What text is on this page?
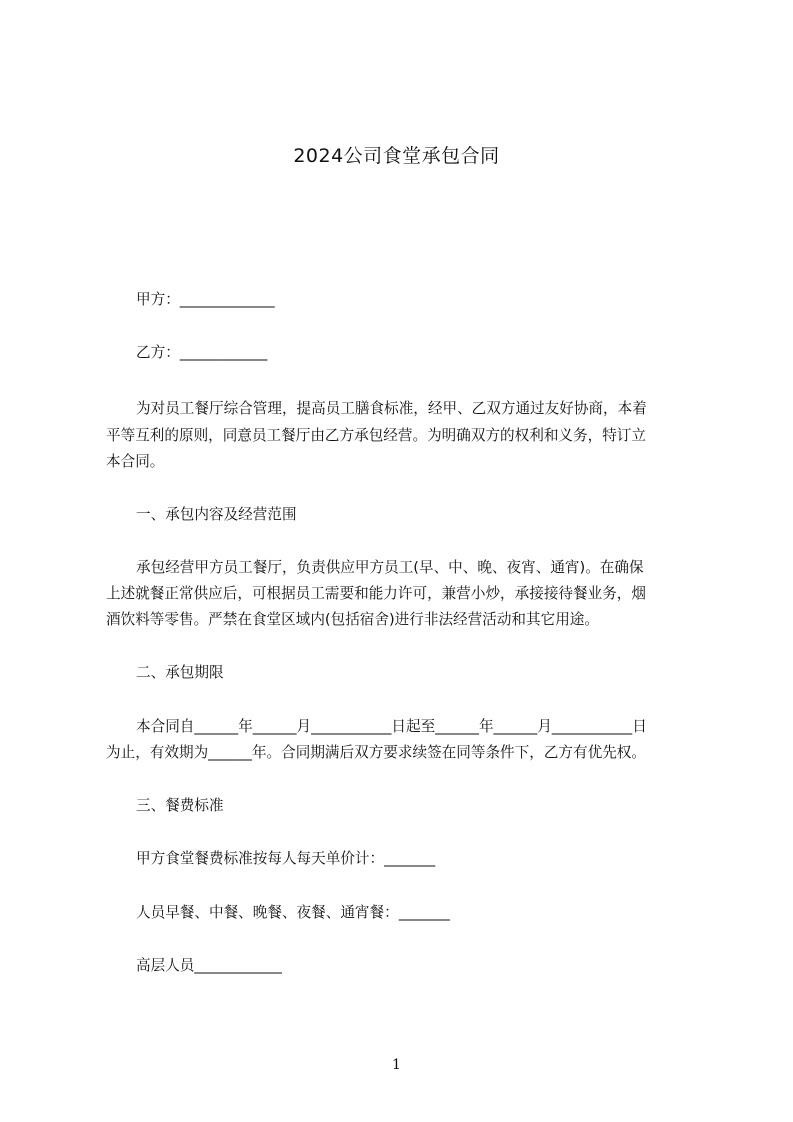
2024公司食堂承包合同
甲方：_____________
乙方：____________
为对员工餐厅综合管理，提高员工膳食标准，经甲、乙双方通过友好协商，本着
平等互利的原则，同意员工餐厅由乙方承包经营。为明确双方的权利和义务，特订立
本合同。
一、承包内容及经营范围
承包经营甲方员工餐厅，负责供应甲方员工(早、中、晚、夜宵、通宵)。在确保
上述就餐正常供应后，可根据员工需要和能力许可，兼营小炒，承接接待餐业务，烟
酒饮料等零售。严禁在食堂区域内(包括宿舍)进行非法经营活动和其它用途。
二、承包期限
本合同自______年______月___________日起至______年______月___________日
为止，有效期为______年。合同期满后双方要求续签在同等条件下，乙方有优先权。
三、餐费标准
甲方食堂餐费标准按每人每天单价计：_______
人员早餐、中餐、晚餐、夜餐、通宵餐：_______
高层人员____________
1
